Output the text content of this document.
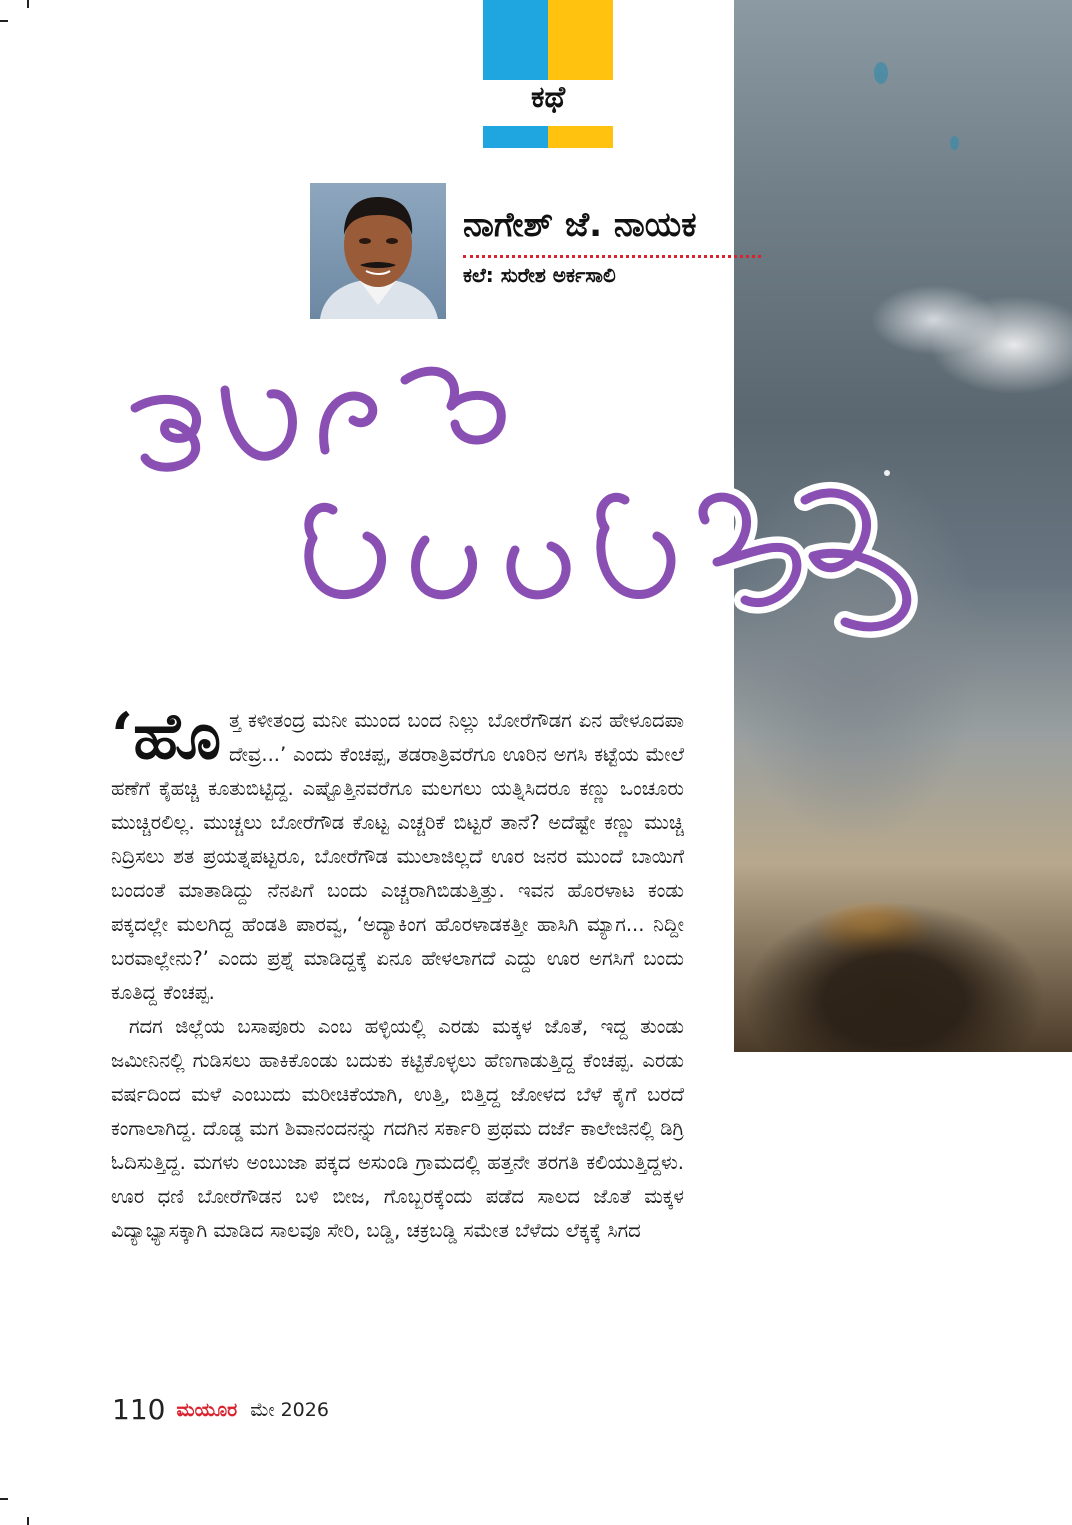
ಕಥೆ
ನಾಗೇಶ್ ಜೆ. ನಾಯಕ
ಕಲೆ: ಸುರೇಶ ಅರ್ಕಸಾಲಿ

‘ಹೊತ್ತ ಕಳೀತಂದ್ರ ಮನೀ ಮುಂದ ಬಂದ ನಿಲ್ಲು ಬೋರೆಗೌಡಗ ಏನ ಹೇಳೂದಪಾ ದೇವ್ರ...’ ಎಂದು ಕೆಂಚಪ್ಪ, ತಡರಾತ್ರಿವರೆಗೂ ಊರಿನ ಅಗಸಿ ಕಟ್ಟೆಯ ಮೇಲೆ ಹಣೆಗೆ ಕೈಹಚ್ಚಿ ಕೂತುಬಿಟ್ಟಿದ್ದ. ಎಷ್ಟೊತ್ತಿನವರೆಗೂ ಮಲಗಲು ಯತ್ನಿಸಿದರೂ ಕಣ್ಣು ಒಂಚೂರು ಮುಚ್ಚಿರಲಿಲ್ಲ. ಮುಚ್ಚಲು ಬೋರೆಗೌಡ ಕೊಟ್ಟ ಎಚ್ಚರಿಕೆ ಬಿಟ್ಟರೆ ತಾನೆ? ಅದೆಷ್ಟೇ ಕಣ್ಣು ಮುಚ್ಚಿ ನಿದ್ರಿಸಲು ಶತ ಪ್ರಯತ್ನಪಟ್ಟರೂ, ಬೋರೆಗೌಡ ಮುಲಾಜಿಲ್ಲದೆ ಊರ ಜನರ ಮುಂದೆ ಬಾಯಿಗೆ ಬಂದಂತೆ ಮಾತಾಡಿದ್ದು ನೆನಪಿಗೆ ಬಂದು ಎಚ್ಚರಾಗಿಬಿಡುತ್ತಿತ್ತು. ಇವನ ಹೊರಳಾಟ ಕಂಡು ಪಕ್ಕದಲ್ಲೇ ಮಲಗಿದ್ದ ಹೆಂಡತಿ ಪಾರವ್ವ, ‘ಅದ್ಯಾಕಿಂಗ ಹೊರಳಾಡಕತ್ತೀ ಹಾಸಿಗಿ ಮ್ಯಾಗ... ನಿದ್ದೀ ಬರವಾಲ್ಲೇನು?’ ಎಂದು ಪ್ರಶ್ನೆ ಮಾಡಿದ್ದಕ್ಕೆ ಏನೂ ಹೇಳಲಾಗದೆ ಎದ್ದು ಊರ ಅಗಸಿಗೆ ಬಂದು ಕೂತಿದ್ದ ಕೆಂಚಪ್ಪ.

ಗದಗ ಜಿಲ್ಲೆಯ ಬಸಾಪೂರು ಎಂಬ ಹಳ್ಳಿಯಲ್ಲಿ ಎರಡು ಮಕ್ಕಳ ಜೊತೆ, ಇದ್ದ ತುಂಡು ಜಮೀನಿನಲ್ಲಿ ಗುಡಿಸಲು ಹಾಕಿಕೊಂಡು ಬದುಕು ಕಟ್ಟಿಕೊಳ್ಳಲು ಹೆಣಗಾಡುತ್ತಿದ್ದ ಕೆಂಚಪ್ಪ. ಎರಡು ವರ್ಷದಿಂದ ಮಳೆ ಎಂಬುದು ಮರೀಚಿಕೆಯಾಗಿ, ಉತ್ತಿ, ಬಿತ್ತಿದ್ದ ಜೋಳದ ಬೆಳೆ ಕೈಗೆ ಬರದೆ ಕಂಗಾಲಾಗಿದ್ದ. ದೊಡ್ಡ ಮಗ ಶಿವಾನಂದನನ್ನು ಗದಗಿನ ಸರ್ಕಾರಿ ಪ್ರಥಮ ದರ್ಜೆ ಕಾಲೇಜಿನಲ್ಲಿ ಡಿಗ್ರಿ ಓದಿಸುತ್ತಿದ್ದ. ಮಗಳು ಅಂಬುಜಾ ಪಕ್ಕದ ಅಸುಂಡಿ ಗ್ರಾಮದಲ್ಲಿ ಹತ್ತನೇ ತರಗತಿ ಕಲಿಯುತ್ತಿದ್ದಳು. ಊರ ಧಣಿ ಬೋರೆಗೌಡನ ಬಳಿ ಬೀಜ, ಗೊಬ್ಬರಕ್ಕೆಂದು ಪಡೆದ ಸಾಲದ ಜೊತೆ ಮಕ್ಕಳ ವಿದ್ಯಾಭ್ಯಾಸಕ್ಕಾಗಿ ಮಾಡಿದ ಸಾಲವೂ ಸೇರಿ, ಬಡ್ಡಿ, ಚಕ್ರಬಡ್ಡಿ ಸಮೇತ ಬೆಳೆದು ಲೆಕ್ಕಕ್ಕೆ ಸಿಗದ

110 ಮಯೂರ ಮೇ 2026
